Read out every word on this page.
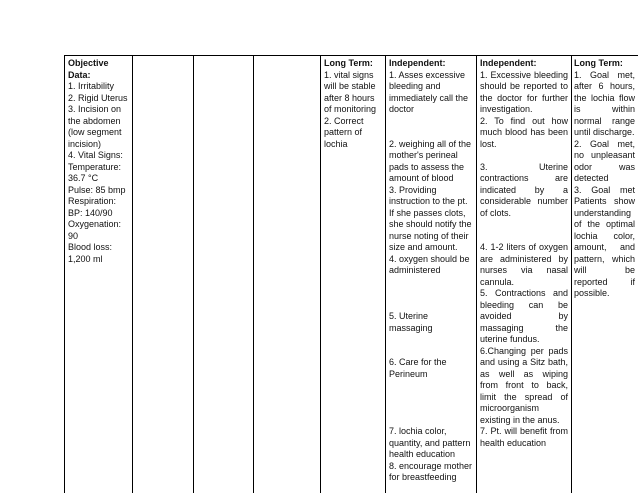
Objective Data:

1. Irritability
2. Rigid Uterus
3. Incision on the abdomen (low segment incision)
4. Vital Signs:
Temperature: 36.7 °C
Pulse: 85 bmp
Respiration:
BP: 140/90
Oxygenation: 90
Blood loss: 1,200 ml

Long Term:

1. vital signs will be stable after 8 hours of monitoring
2. Correct pattern of lochia

Independent:

1. Asses excessive bleeding and immediately call the doctor

2. weighing all of the mother's perineal pads to assess the amount of blood
3. Providing instruction to the pt. If she passes clots, she should notify the nurse noting of their size and amount.
4. oxygen should be administered

5. Uterine massaging

6. Care for the Perineum

7. lochia color, quantity, and pattern health education
8. encourage mother for breastfeeding

Independent:

1. Excessive bleeding should be reported to the doctor for further investigation.
2. To find out how much blood has been lost.

3. Uterine contractions are indicated by a considerable number of clots.

4. 1-2 liters of oxygen are administered by nurses via nasal cannula.
5. Contractions and bleeding can be avoided by massaging the uterine fundus.
6.Changing per pads and using a Sitz bath, as well as wiping from front to back, limit the spread of microorganism existing in the anus.
7. Pt. will benefit from health education

Long Term:

1. Goal met, after 6 hours, the lochia flow is within normal range until discharge.
2. Goal met, no unpleasant odor was detected
3. Goal met Patients show understanding of the optimal lochia color, amount, and pattern, which will be reported if possible.
